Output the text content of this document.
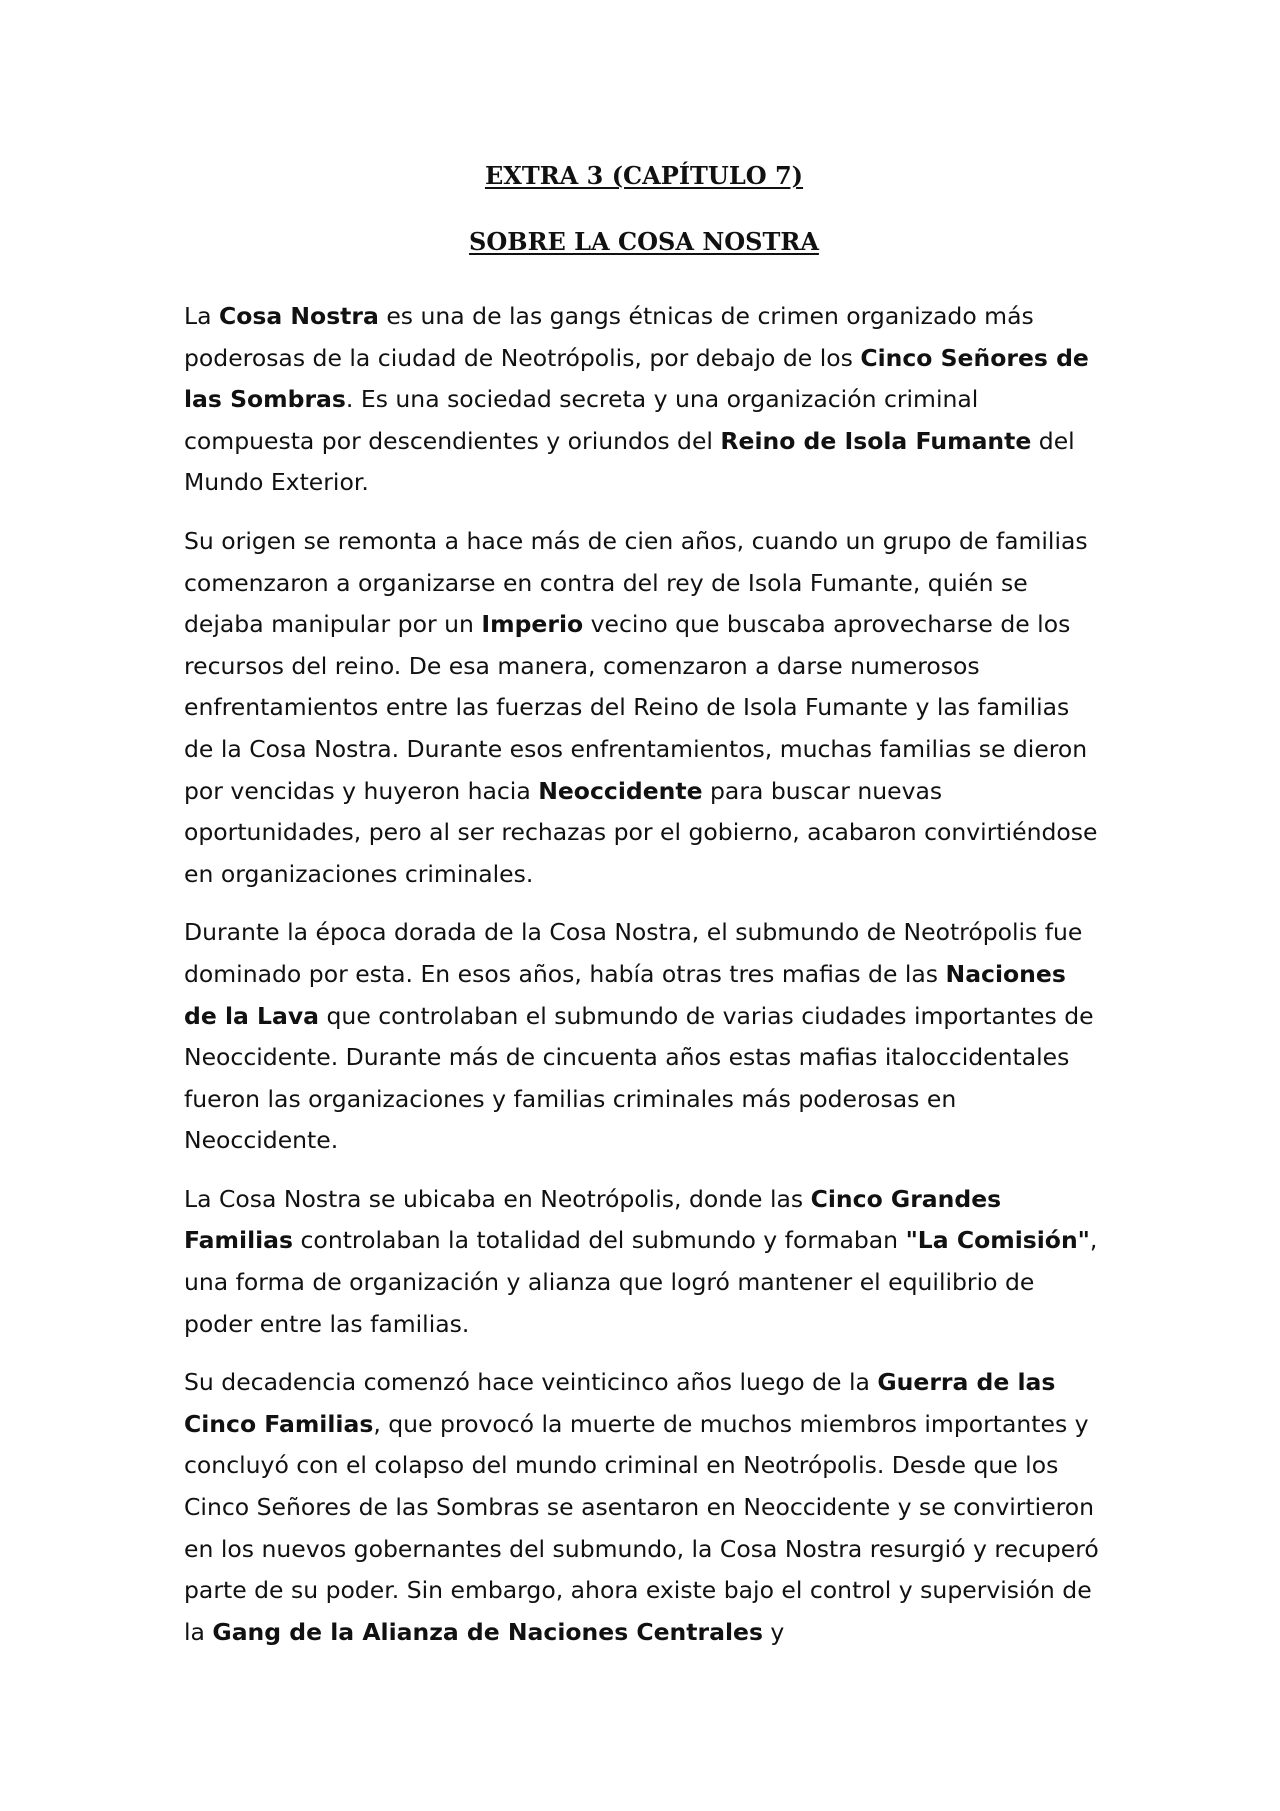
EXTRA 3 (CAPÍTULO 7)
SOBRE LA COSA NOSTRA

La Cosa Nostra es una de las gangs étnicas de crimen organizado más poderosas de la ciudad de Neotrópolis, por debajo de los Cinco Señores de las Sombras. Es una sociedad secreta y una organización criminal compuesta por descendientes y oriundos del Reino de Isola Fumante del Mundo Exterior.

Su origen se remonta a hace más de cien años, cuando un grupo de familias comenzaron a organizarse en contra del rey de Isola Fumante, quién se dejaba manipular por un Imperio vecino que buscaba aprovecharse de los recursos del reino. De esa manera, comenzaron a darse numerosos enfrentamientos entre las fuerzas del Reino de Isola Fumante y las familias de la Cosa Nostra. Durante esos enfrentamientos, muchas familias se dieron por vencidas y huyeron hacia Neoccidente para buscar nuevas oportunidades, pero al ser rechazas por el gobierno, acabaron convirtiéndose en organizaciones criminales.

Durante la época dorada de la Cosa Nostra, el submundo de Neotrópolis fue dominado por esta. En esos años, había otras tres mafias de las Naciones de la Lava que controlaban el submundo de varias ciudades importantes de Neoccidente. Durante más de cincuenta años estas mafias italoccidentales fueron las organizaciones y familias criminales más poderosas en Neoccidente.

La Cosa Nostra se ubicaba en Neotrópolis, donde las Cinco Grandes Familias controlaban la totalidad del submundo y formaban "La Comisión", una forma de organización y alianza que logró mantener el equilibrio de poder entre las familias.

Su decadencia comenzó hace veinticinco años luego de la Guerra de las Cinco Familias, que provocó la muerte de muchos miembros importantes y concluyó con el colapso del mundo criminal en Neotrópolis. Desde que los Cinco Señores de las Sombras se asentaron en Neoccidente y se convirtieron en los nuevos gobernantes del submundo, la Cosa Nostra resurgió y recuperó parte de su poder. Sin embargo, ahora existe bajo el control y supervisión de la Gang de la Alianza de Naciones Centrales y
